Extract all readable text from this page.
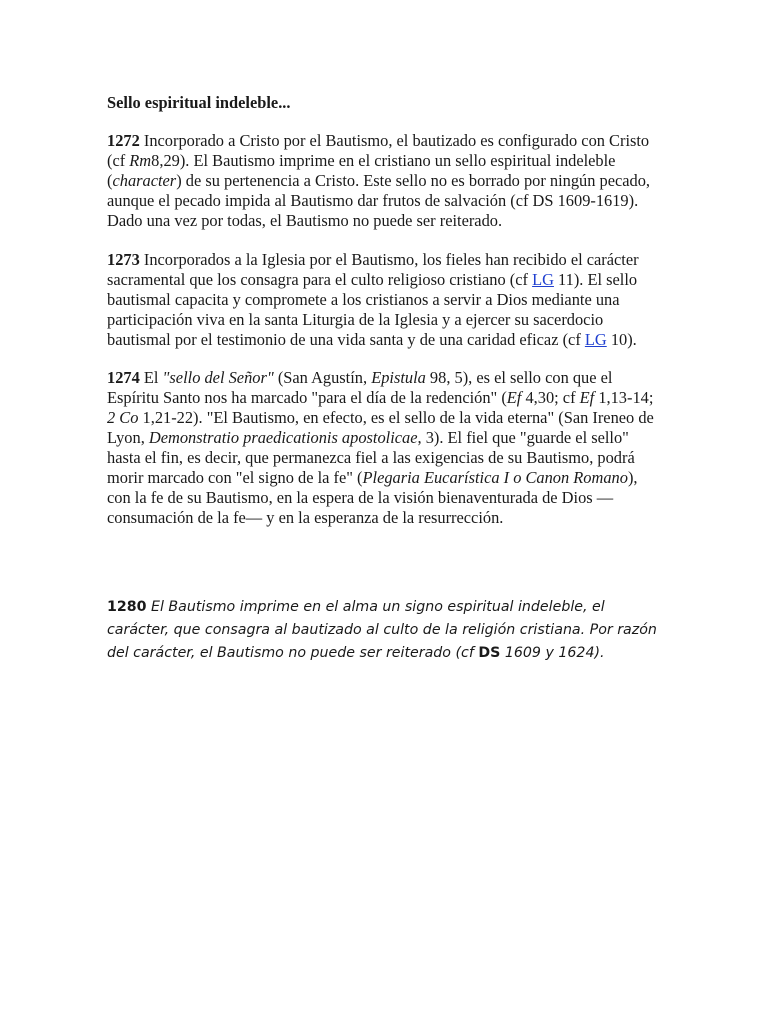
Sello espiritual indeleble...

1272 Incorporado a Cristo por el Bautismo, el bautizado es configurado con Cristo (cf Rm8,29). El Bautismo imprime en el cristiano un sello espiritual indeleble (character) de su pertenencia a Cristo. Este sello no es borrado por ningún pecado, aunque el pecado impida al Bautismo dar frutos de salvación (cf DS 1609-1619). Dado una vez por todas, el Bautismo no puede ser reiterado.

1273 Incorporados a la Iglesia por el Bautismo, los fieles han recibido el carácter sacramental que los consagra para el culto religioso cristiano (cf LG 11). El sello bautismal capacita y compromete a los cristianos a servir a Dios mediante una participación viva en la santa Liturgia de la Iglesia y a ejercer su sacerdocio bautismal por el testimonio de una vida santa y de una caridad eficaz (cf LG 10).

1274 El "sello del Señor" (San Agustín, Epistula 98, 5), es el sello con que el Espíritu Santo nos ha marcado "para el día de la redención" (Ef 4,30; cf Ef 1,13-14; 2 Co 1,21-22). "El Bautismo, en efecto, es el sello de la vida eterna" (San Ireneo de Lyon, Demonstratio praedicationis apostolicae, 3). El fiel que "guarde el sello" hasta el fin, es decir, que permanezca fiel a las exigencias de su Bautismo, podrá morir marcado con "el signo de la fe" (Plegaria Eucarística I o Canon Romano), con la fe de su Bautismo, en la espera de la visión bienaventurada de Dios —consumación de la fe— y en la esperanza de la resurrección.

1280 El Bautismo imprime en el alma un signo espiritual indeleble, el carácter, que consagra al bautizado al culto de la religión cristiana. Por razón del carácter, el Bautismo no puede ser reiterado (cf DS 1609 y 1624).
